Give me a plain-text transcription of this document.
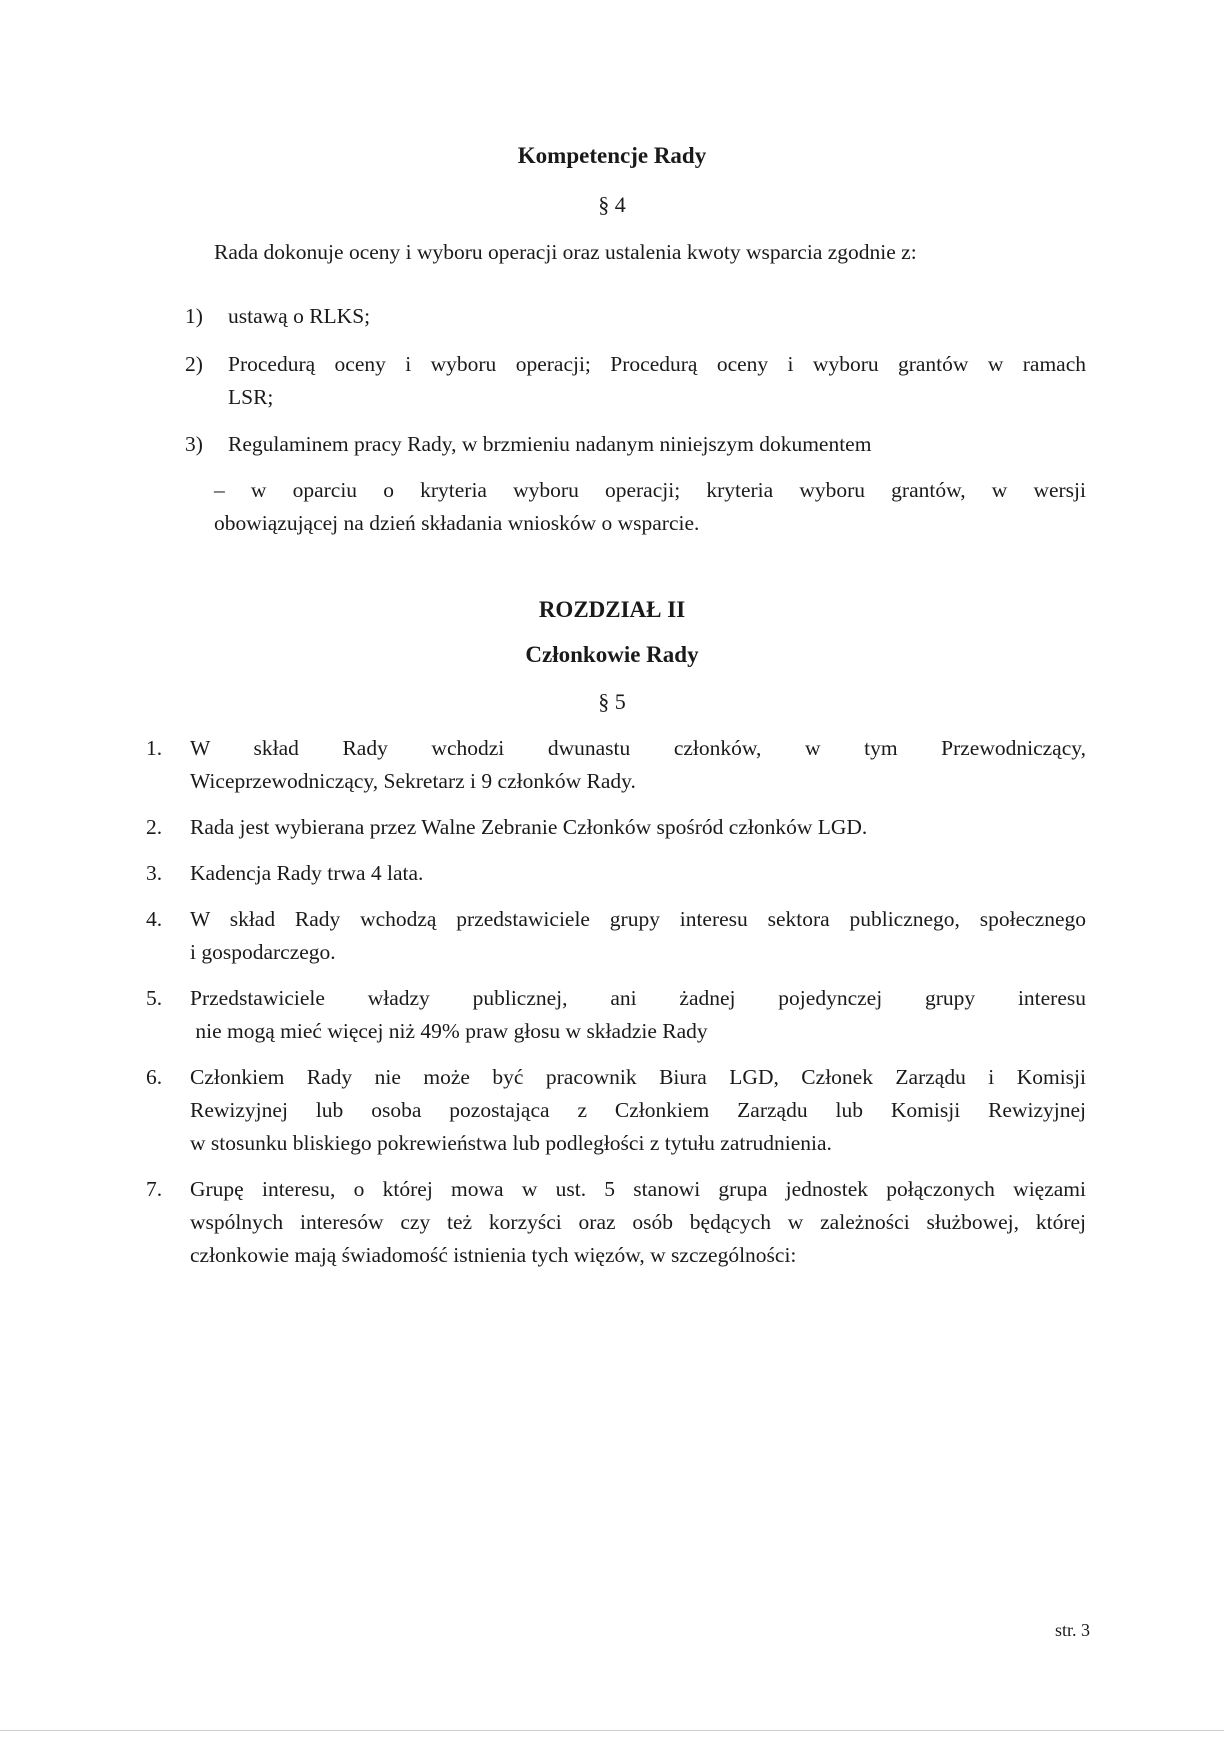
Kompetencje Rady
§ 4
Rada dokonuje oceny i wyboru operacji oraz ustalenia kwoty wsparcia zgodnie z:
1) ustawą o RLKS;
2) Procedurą oceny i wyboru operacji; Procedurą oceny i wyboru grantów w ramach
LSR;
3) Regulaminem pracy Rady, w brzmieniu nadanym niniejszym dokumentem
– w oparciu o kryteria wyboru operacji; kryteria wyboru grantów, w wersji
obowiązującej na dzień składania wniosków o wsparcie.
ROZDZIAŁ II
Członkowie Rady
§ 5
1. W skład Rady wchodzi dwunastu członków, w tym Przewodniczący,
Wiceprzewodniczący, Sekretarz i 9 członków Rady.
2. Rada jest wybierana przez Walne Zebranie Członków spośród członków LGD.
3. Kadencja Rady trwa 4 lata.
4. W skład Rady wchodzą przedstawiciele grupy interesu sektora publicznego, społecznego
i gospodarczego.
5. Przedstawiciele władzy publicznej, ani żadnej pojedynczej grupy interesu
nie mogą mieć więcej niż 49% praw głosu w składzie Rady
6. Członkiem Rady nie może być pracownik Biura LGD, Członek Zarządu i Komisji
Rewizyjnej lub osoba pozostająca z Członkiem Zarządu lub Komisji Rewizyjnej
w stosunku bliskiego pokrewieństwa lub podległości z tytułu zatrudnienia.
7. Grupę interesu, o której mowa w ust. 5 stanowi grupa jednostek połączonych więzami
wspólnych interesów czy też korzyści oraz osób będących w zależności służbowej, której
członkowie mają świadomość istnienia tych więzów, w szczególności:
str. 3
